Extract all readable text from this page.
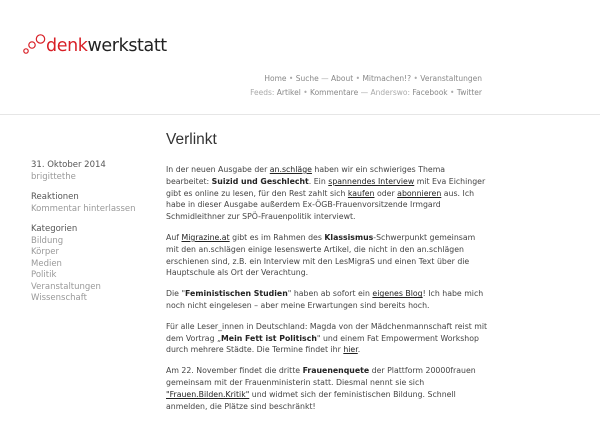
denkwerkstatt
Home • Suche — About • Mitmachen!? • Veranstaltungen
Feeds: Artikel • Kommentare — Anderswo: Facebook • Twitter
31. Oktober 2014
brigittethe
Reaktionen
Kommentar hinterlassen
Kategorien
Bildung
Körper
Medien
Politik
Veranstaltungen
Wissenschaft
Verlinkt

In der neuen Ausgabe der an.schläge haben wir ein schwieriges Thema bearbeitet: Suizid und Geschlecht. Ein spannendes Interview mit Eva Eichinger gibt es online zu lesen, für den Rest zahlt sich kaufen oder abonnieren aus. Ich habe in dieser Ausgabe außerdem Ex-ÖGB-Frauenvorsitzende Irmgard Schmidleithner zur SPÖ-Frauenpolitik interviewt.

Auf Migrazine.at gibt es im Rahmen des Klassismus-Schwerpunkt gemeinsam mit den an.schlägen einige lesenswerte Artikel, die nicht in den an.schlägen erschienen sind, z.B. ein Interview mit den LesMigraS und einen Text über die Hauptschule als Ort der Verachtung.

Die "Feministischen Studien" haben ab sofort ein eigenes Blog! Ich habe mich noch nicht eingelesen – aber meine Erwartungen sind bereits hoch.

Für alle Leser_innen in Deutschland: Magda von der Mädchenmannschaft reist mit dem Vortrag „Mein Fett ist Politisch" und einem Fat Empowerment Workshop durch mehrere Städte. Die Termine findet ihr hier.

Am 22. November findet die dritte Frauenenquete der Plattform 20000frauen gemeinsam mit der Frauenministerin statt. Diesmal nennt sie sich "Frauen.Bilden.Kritik" und widmet sich der feministischen Bildung. Schnell anmelden, die Plätze sind beschränkt!
